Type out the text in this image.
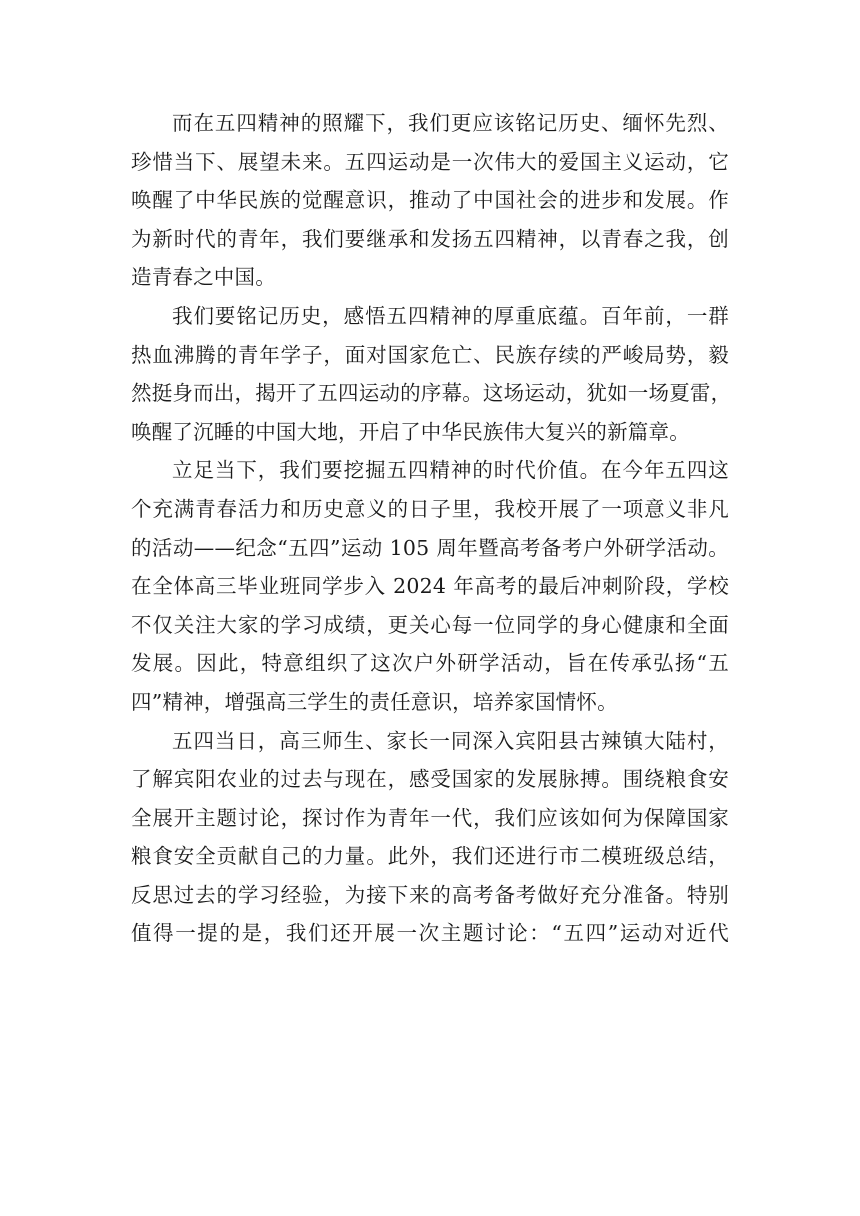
而在五四精神的照耀下，我们更应该铭记历史、缅怀先烈、
珍惜当下、展望未来。五四运动是一次伟大的爱国主义运动，它
唤醒了中华民族的觉醒意识，推动了中国社会的进步和发展。作
为新时代的青年，我们要继承和发扬五四精神，以青春之我，创
造青春之中国。

我们要铭记历史，感悟五四精神的厚重底蕴。百年前，一群
热血沸腾的青年学子，面对国家危亡、民族存续的严峻局势，毅
然挺身而出，揭开了五四运动的序幕。这场运动，犹如一场夏雷，
唤醒了沉睡的中国大地，开启了中华民族伟大复兴的新篇章。

立足当下，我们要挖掘五四精神的时代价值。在今年五四这
个充满青春活力和历史意义的日子里，我校开展了一项意义非凡
的活动——纪念“五四”运动 105 周年暨高考备考户外研学活动。
在全体高三毕业班同学步入 2024 年高考的最后冲刺阶段，学校
不仅关注大家的学习成绩，更关心每一位同学的身心健康和全面
发展。因此，特意组织了这次户外研学活动，旨在传承弘扬“五
四”精神，增强高三学生的责任意识，培养家国情怀。

五四当日，高三师生、家长一同深入宾阳县古辣镇大陆村，
了解宾阳农业的过去与现在，感受国家的发展脉搏。围绕粮食安
全展开主题讨论，探讨作为青年一代，我们应该如何为保障国家
粮食安全贡献自己的力量。此外，我们还进行市二模班级总结，
反思过去的学习经验，为接下来的高考备考做好充分准备。特别
值得一提的是，我们还开展一次主题讨论：“五四”运动对近代
